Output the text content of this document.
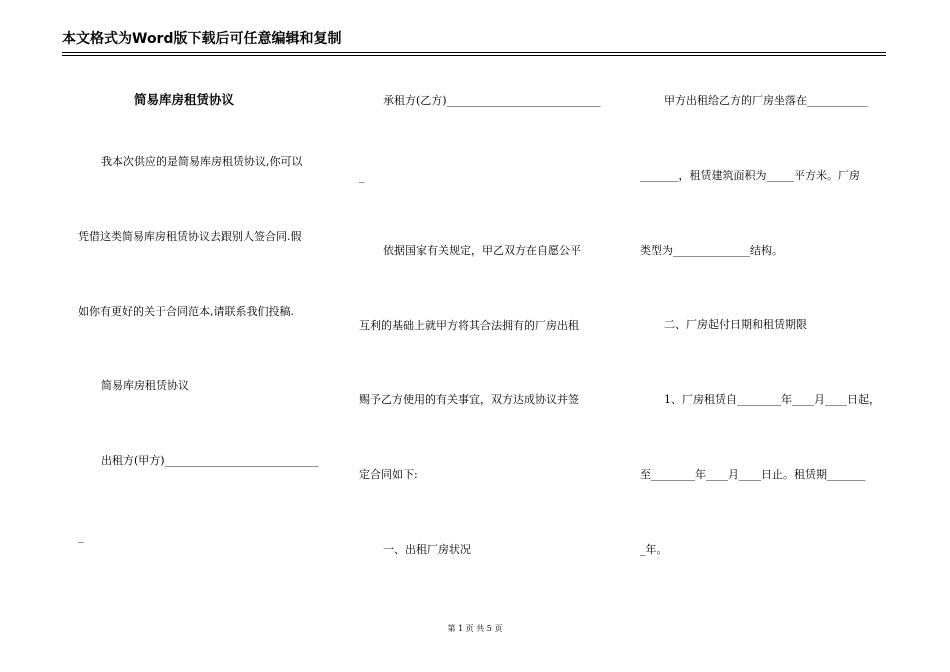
本文格式为Word版下载后可任意编辑和复制
简易库房租赁协议
我本次供应的是简易库房租赁协议,你可以
凭借这类简易库房租赁协议去跟别人签合同.假
如你有更好的关于合同范本,请联系我们投稿.
简易库房租赁协议
出租方(甲方)____________________________
_
承租方(乙方)____________________________
_
依据国家有关规定，甲乙双方在自愿公平
互利的基础上就甲方将其合法拥有的厂房出租
赐予乙方使用的有关事宜，双方达成协议并签
定合同如下:
一、出租厂房状况
甲方出租给乙方的厂房坐落在___________
_______，租赁建筑面积为_____平方米。厂房
类型为______________结构。
二、厂房起付日期和租赁期限
1、厂房租赁自________年____月____日起，
至________年____月____日止。租赁期_______
_年。
第 1 页 共 5 页
